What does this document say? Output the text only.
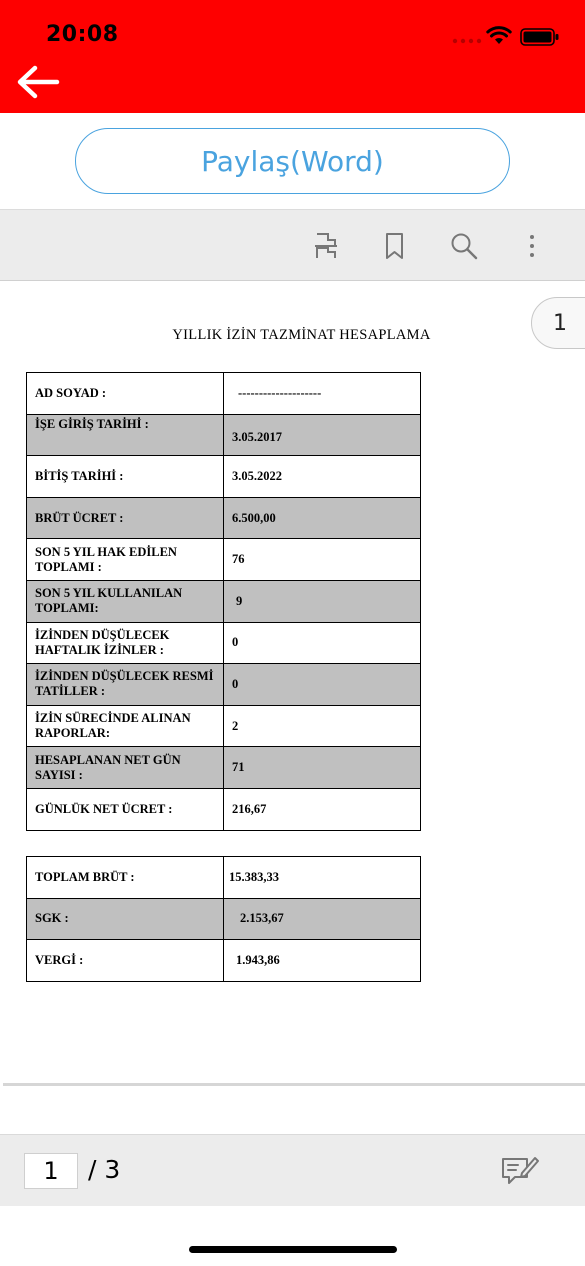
20:08
Paylaş(Word)
1
YILLIK İZİN TAZMİNAT HESAPLAMA
AD SOYAD :	--------------------
İŞE GİRİŞ TARİHİ :	3.05.2017
BİTİŞ TARİHİ :	3.05.2022
BRÜT ÜCRET :	6.500,00
SON 5 YIL HAK EDİLEN TOPLAMI :	76
SON 5 YIL KULLANILAN TOPLAMI:	9
İZİNDEN DÜŞÜLECEK HAFTALIK İZİNLER :	0
İZİNDEN DÜŞÜLECEK RESMİ TATİLLER :	0
İZİN SÜRECİNDE ALINAN RAPORLAR:	2
HESAPLANAN NET GÜN SAYISI :	71
GÜNLÜK NET ÜCRET :	216,67
TOPLAM BRÜT :	15.383,33
SGK :	2.153,67
VERGİ :	1.943,86
1	/ 3
